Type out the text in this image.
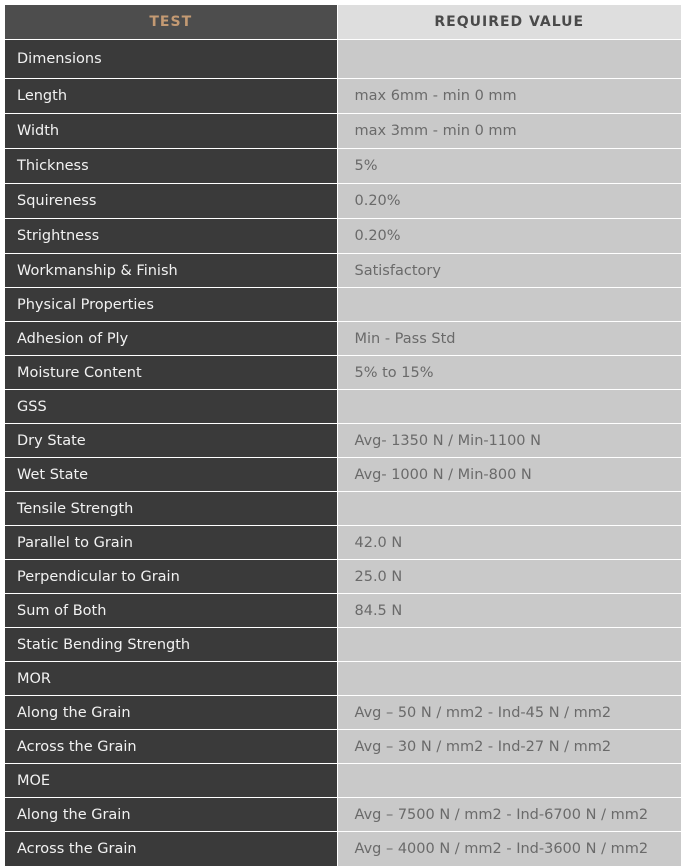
TEST	REQUIRED VALUE
Dimensions	
Length	max 6mm - min 0 mm
Width	max 3mm - min 0 mm
Thickness	5%
Squireness	0.20%
Strightness	0.20%
Workmanship & Finish	Satisfactory
Physical Properties	
Adhesion of Ply	Min - Pass Std
Moisture Content	5% to 15%
GSS	
Dry State	Avg- 1350 N / Min-1100 N
Wet State	Avg- 1000 N / Min-800 N
Tensile Strength	
Parallel to Grain	42.0 N
Perpendicular to Grain	25.0 N
Sum of Both	84.5 N
Static Bending Strength	
MOR	
Along the Grain	Avg – 50 N / mm2 - Ind-45 N / mm2
Across the Grain	Avg – 30 N / mm2 - Ind-27 N / mm2
MOE	
Along the Grain	Avg – 7500 N / mm2 - Ind-6700 N / mm2
Across the Grain	Avg – 4000 N / mm2 - Ind-3600 N / mm2
